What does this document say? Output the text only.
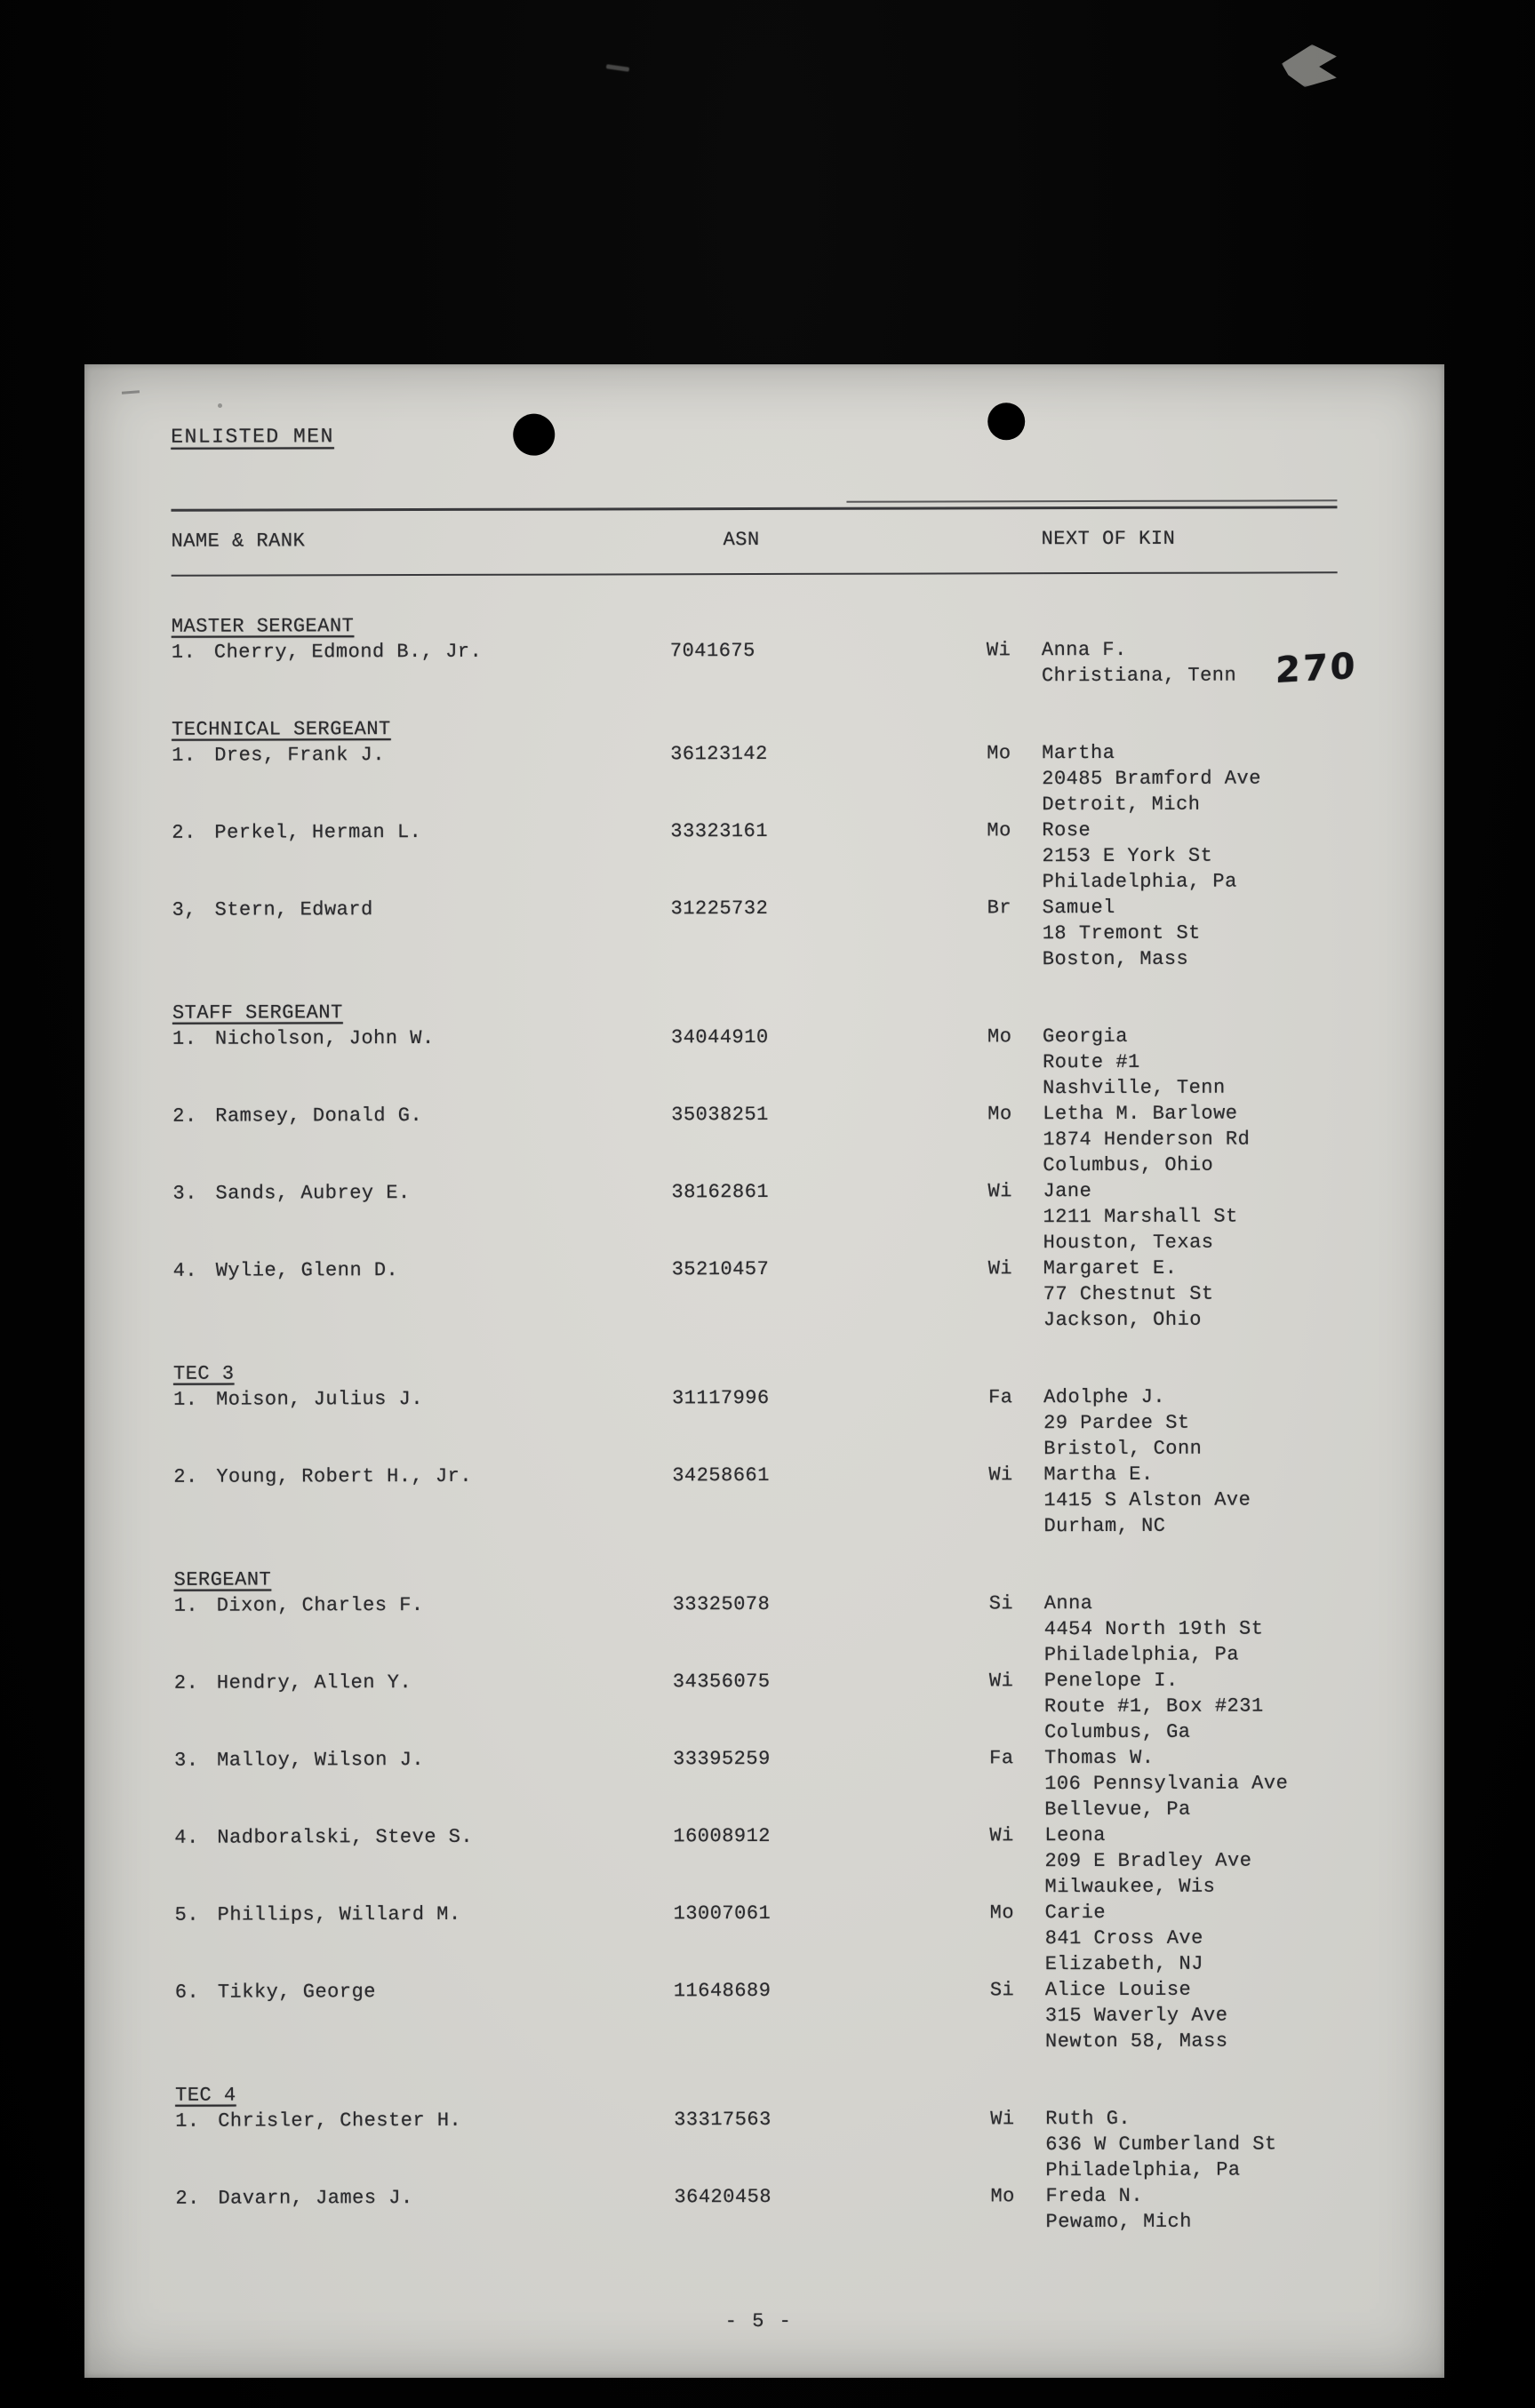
ENLISTED MEN
NAME & RANK	ASN	NEXT OF KIN
MASTER SERGEANT
1. Cherry, Edmond B., Jr.	7041675	Wi	Anna F.
Christiana, Tenn
TECHNICAL SERGEANT
1. Dres, Frank J.	36123142	Mo	Martha
20485 Bramford Ave
Detroit, Mich
2. Perkel, Herman L.	33323161	Mo	Rose
2153 E York St
Philadelphia, Pa
3, Stern, Edward	31225732	Br	Samuel
18 Tremont St
Boston, Mass
STAFF SERGEANT
1. Nicholson, John W.	34044910	Mo	Georgia
Route #1
Nashville, Tenn
2. Ramsey, Donald G.	35038251	Mo	Letha M. Barlowe
1874 Henderson Rd
Columbus, Ohio
3. Sands, Aubrey E.	38162861	Wi	Jane
1211 Marshall St
Houston, Texas
4. Wylie, Glenn D.	35210457	Wi	Margaret E.
77 Chestnut St
Jackson, Ohio
TEC 3
1. Moison, Julius J.	31117996	Fa	Adolphe J.
29 Pardee St
Bristol, Conn
2. Young, Robert H., Jr.	34258661	Wi	Martha E.
1415 S Alston Ave
Durham, NC
SERGEANT
1. Dixon, Charles F.	33325078	Si	Anna
4454 North 19th St
Philadelphia, Pa
2. Hendry, Allen Y.	34356075	Wi	Penelope I.
Route #1, Box #231
Columbus, Ga
3. Malloy, Wilson J.	33395259	Fa	Thomas W.
106 Pennsylvania Ave
Bellevue, Pa
4. Nadboralski, Steve S.	16008912	Wi	Leona
209 E Bradley Ave
Milwaukee, Wis
5. Phillips, Willard M.	13007061	Mo	Carie
841 Cross Ave
Elizabeth, NJ
6. Tikky, George	11648689	Si	Alice Louise
315 Waverly Ave
Newton 58, Mass
TEC 4
1. Chrisler, Chester H.	33317563	Wi	Ruth G.
636 W Cumberland St
Philadelphia, Pa
2. Davarn, James J.	36420458	Mo	Freda N.
Pewamo, Mich
270
- 5 -
